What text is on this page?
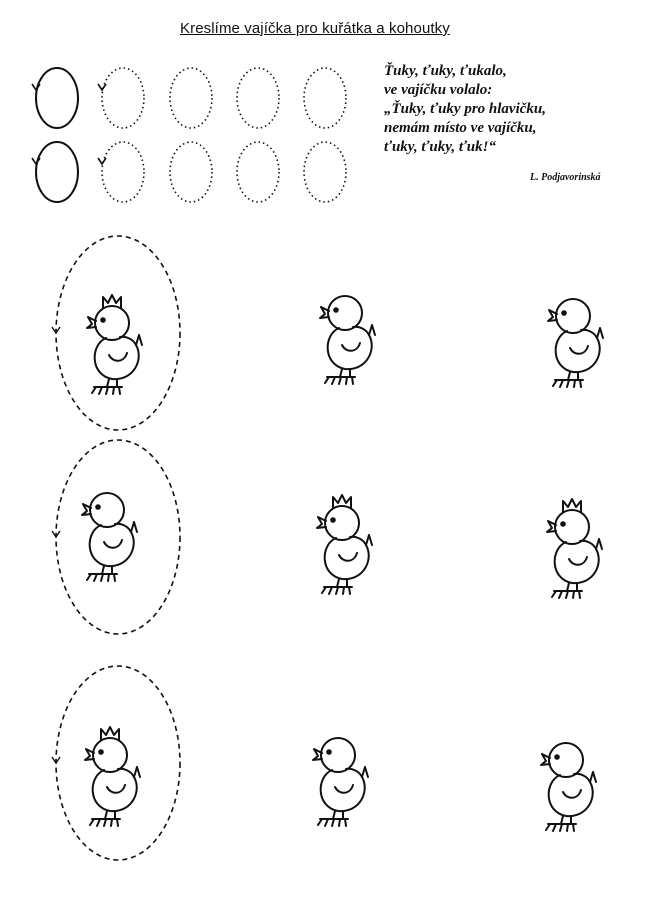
Kreslíme vajíčka pro kuřátka a kohoutky
Ťuky, ťuky, ťukalo,
ve vajíčku volalo:
„Ťuky, ťuky pro hlavičku,
nemám místo ve vajíčku,
ťuky, ťuky, ťuk!“
L. Podjavorinská
